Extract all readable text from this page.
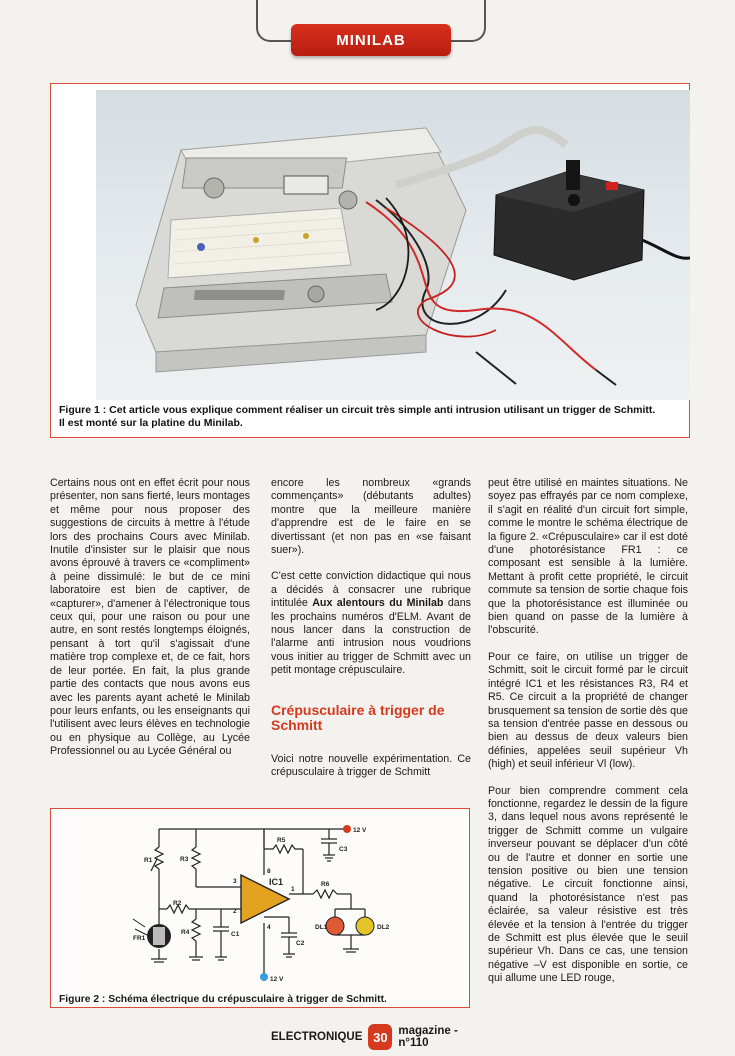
MINILAB
Figure 1 : Cet article vous explique comment réaliser un circuit très simple anti intrusion utilisant un trigger de Schmitt.
Il est monté sur la platine du Minilab.

Certains nous ont en effet écrit pour nous présenter, non sans fierté, leurs montages et même pour nous proposer des suggestions de circuits à mettre à l'étude lors des prochains Cours avec Minilab. Inutile d'insister sur le plaisir que nous avons éprouvé à travers ce «compliment» à peine dissimulé: le but de ce mini laboratoire est bien de captiver, de «capturer», d'amener à l'électronique tous ceux qui, pour une raison ou pour une autre, en sont restés longtemps éloignés, pensant à tort qu'il s'agissait d'une matière trop complexe et, de ce fait, hors de leur portée. En fait, la plus grande partie des contacts que nous avons eus avec les parents ayant acheté le Minilab pour leurs enfants, ou les enseignants qui l'utilisent avec leurs élèves en technologie ou en physique au Collège, au Lycée Professionnel ou au Lycée Général ou

encore les nombreux «grands commençants» (débutants adultes) montre que la meilleure manière d'apprendre est de le faire en se divertissant (et non pas en «se faisant suer»).

C'est cette conviction didactique qui nous a décidés à consacrer une rubrique intitulée Aux alentours du Minilab dans les prochains numéros d'ELM. Avant de nous lancer dans la construction de l'alarme anti intrusion nous voudrions vous initier au trigger de Schmitt avec un petit montage crépusculaire.

Crépusculaire à trigger de Schmitt

Voici notre nouvelle expérimentation. Ce crépusculaire à trigger de Schmitt

peut être utilisé en maintes situations. Ne soyez pas effrayés par ce nom complexe, il s'agit en réalité d'un circuit fort simple, comme le montre le schéma électrique de la figure 2. «Crépusculaire» car il est doté d'une photorésistance FR1 : ce composant est sensible à la lumière. Mettant à profit cette propriété, le circuit commute sa tension de sortie chaque fois que la photorésistance est illuminée ou bien quand on passe de la lumière à l'obscurité.

Pour ce faire, on utilise un trigger de Schmitt, soit le circuit formé par le circuit intégré IC1 et les résistances R3, R4 et R5. Ce circuit a la propriété de changer brusquement sa tension de sortie dès que sa tension d'entrée passe en dessous ou bien au dessus de deux valeurs bien définies, appelées seuil supérieur Vh (high) et seuil inférieur Vl (low).

Pour bien comprendre comment cela fonctionne, regardez le dessin de la figure 3, dans lequel nous avons représenté le trigger de Schmitt comme un vulgaire inverseur pouvant se déplacer d'un côté ou de l'autre et donner en sortie une tension positive ou bien une tension négative. Le circuit fonctionne ainsi, quand la photorésistance n'est pas éclairée, sa valeur résistive est très élevée et la tension à l'entrée du trigger de Schmitt est plus élevée que le seuil supérieur Vh. Dans ce cas, une tension négative –V est disponible en sortie, ce qui allume une LED rouge,

12 V
12 V
R1
R2
R3
R4
R5
R6
C1
C2
C3
IC1
FR1
DL1	DL2
3
2
1
8
4
Figure 2 : Schéma électrique du crépusculaire à trigger de Schmitt.
ELECTRONIQUE 30 magazine - n°110
